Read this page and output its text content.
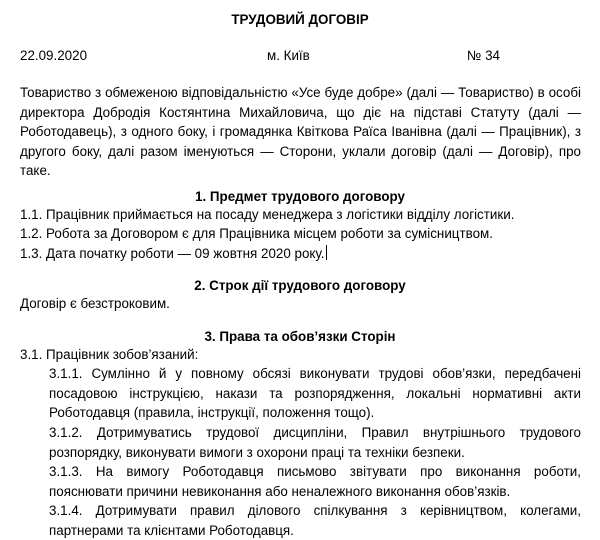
ТРУДОВИЙ ДОГОВІР
22.09.2020	м. Київ	№ 34
Товариство з обмеженою відповідальністю «Усе буде добре» (далі — Товариство) в особі директора Добродія Костянтина Михайловича, що діє на підставі Статуту (далі — Роботодавець), з одного боку, і громадянка Квіткова Раїса Іванівна (далі — Працівник), з другого боку, далі разом іменуються — Сторони, уклали договір (далі — Договір), про таке.
1. Предмет трудового договору
1.1. Працівник приймається на посаду менеджера з логістики відділу логістики.
1.2. Робота за Договором є для Працівника місцем роботи за сумісництвом.
1.3. Дата початку роботи — 09 жовтня 2020 року.
2. Строк дії трудового договору
Договір є безстроковим.
3. Права та обов’язки Сторін
3.1. Працівник зобов’язаний:
3.1.1. Сумлінно й у повному обсязі виконувати трудові обов’язки, передбачені посадовою інструкцією, накази та розпорядження, локальні нормативні акти Роботодавця (правила, інструкції, положення тощо).
3.1.2. Дотримуватись трудової дисципліни, Правил внутрішнього трудового розпорядку, виконувати вимоги з охорони праці та техніки безпеки.
3.1.3. На вимогу Роботодавця письмово звітувати про виконання роботи, пояснювати причини невиконання або неналежного виконання обов’язків.
3.1.4. Дотримувати правил ділового спілкування з керівництвом, колегами, партнерами та клієнтами Роботодавця.
